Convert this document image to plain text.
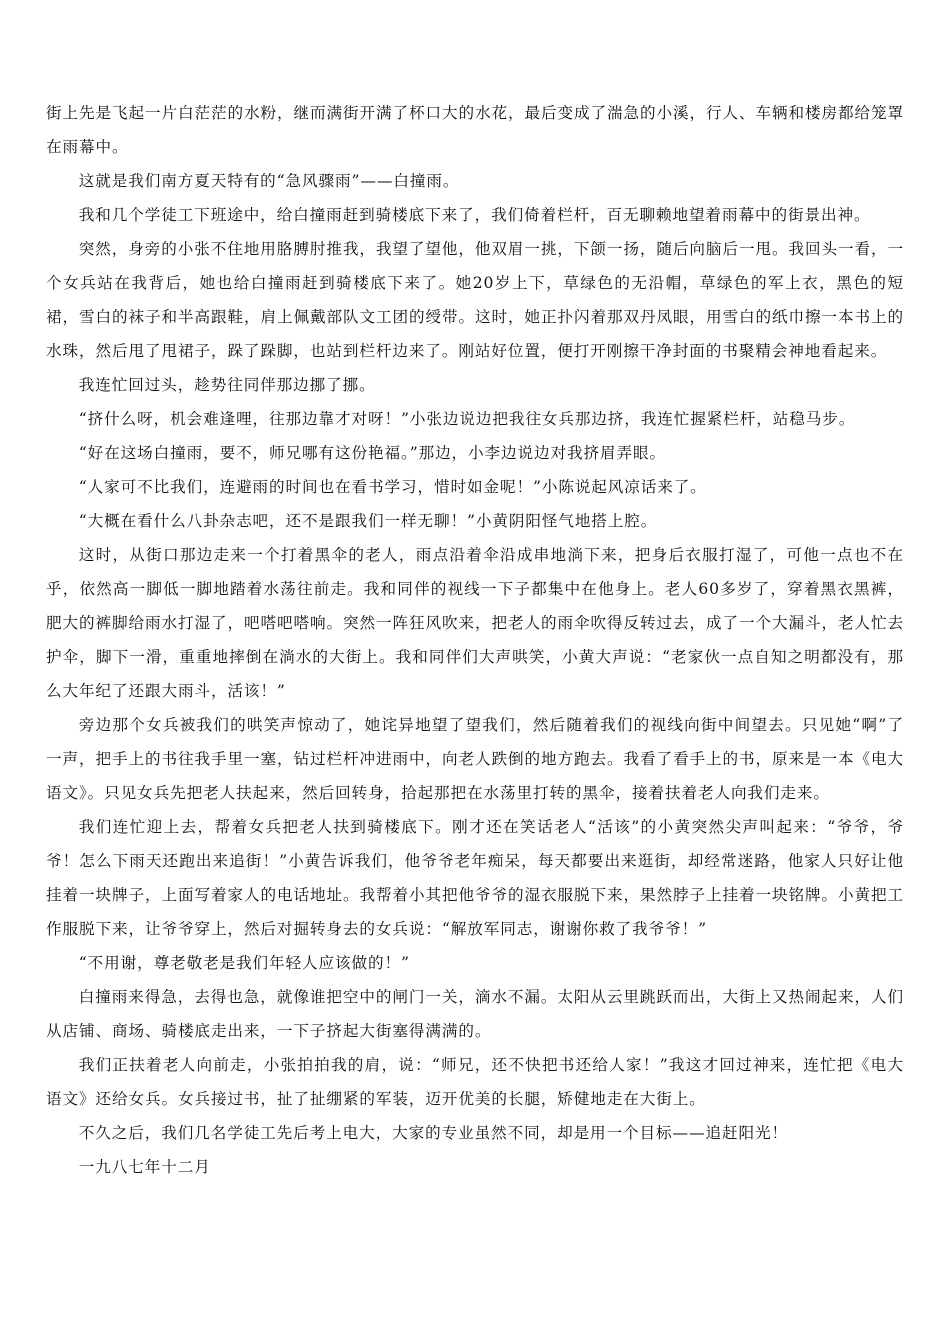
街上先是飞起一片白茫茫的水粉，继而满街开满了杯口大的水花，最后变成了湍急的小溪，行人、车辆和楼房都给笼罩在雨幕中。

这就是我们南方夏天特有的“急风骤雨”——白撞雨。

我和几个学徒工下班途中，给白撞雨赶到骑楼底下来了，我们倚着栏杆，百无聊赖地望着雨幕中的街景出神。

突然，身旁的小张不住地用胳膊肘推我，我望了望他，他双眉一挑，下颌一扬，随后向脑后一甩。我回头一看，一个女兵站在我背后，她也给白撞雨赶到骑楼底下来了。她20岁上下，草绿色的无沿帽，草绿色的军上衣，黑色的短裙，雪白的袜子和半高跟鞋，肩上佩戴部队文工团的绶带。这时，她正扑闪着那双丹凤眼，用雪白的纸巾擦一本书上的水珠，然后甩了甩裙子，跺了跺脚，也站到栏杆边来了。刚站好位置，便打开刚擦干净封面的书聚精会神地看起来。

我连忙回过头，趁势往同伴那边挪了挪。

“挤什么呀，机会难逢哩，往那边靠才对呀！”小张边说边把我往女兵那边挤，我连忙握紧栏杆，站稳马步。

“好在这场白撞雨，要不，师兄哪有这份艳福。”那边，小李边说边对我挤眉弄眼。

“人家可不比我们，连避雨的时间也在看书学习，惜时如金呢！”小陈说起风凉话来了。

“大概在看什么八卦杂志吧，还不是跟我们一样无聊！”小黄阴阳怪气地搭上腔。

这时，从街口那边走来一个打着黑伞的老人，雨点沿着伞沿成串地淌下来，把身后衣服打湿了，可他一点也不在乎，依然高一脚低一脚地踏着水荡往前走。我和同伴的视线一下子都集中在他身上。老人60多岁了，穿着黑衣黑裤，肥大的裤脚给雨水打湿了，吧嗒吧嗒响。突然一阵狂风吹来，把老人的雨伞吹得反转过去，成了一个大漏斗，老人忙去护伞，脚下一滑，重重地摔倒在淌水的大街上。我和同伴们大声哄笑，小黄大声说：“老家伙一点自知之明都没有，那么大年纪了还跟大雨斗，活该！”

旁边那个女兵被我们的哄笑声惊动了，她诧异地望了望我们，然后随着我们的视线向街中间望去。只见她“啊”了一声，把手上的书往我手里一塞，钻过栏杆冲进雨中，向老人跌倒的地方跑去。我看了看手上的书，原来是一本《电大语文》。只见女兵先把老人扶起来，然后回转身，拾起那把在水荡里打转的黑伞，接着扶着老人向我们走来。

我们连忙迎上去，帮着女兵把老人扶到骑楼底下。刚才还在笑话老人“活该”的小黄突然尖声叫起来：“爷爷，爷爷！怎么下雨天还跑出来追街！”小黄告诉我们，他爷爷老年痴呆，每天都要出来逛街，却经常迷路，他家人只好让他挂着一块牌子，上面写着家人的电话地址。我帮着小其把他爷爷的湿衣服脱下来，果然脖子上挂着一块铭牌。小黄把工作服脱下来，让爷爷穿上，然后对掘转身去的女兵说：“解放军同志，谢谢你救了我爷爷！”

“不用谢，尊老敬老是我们年轻人应该做的！”

白撞雨来得急，去得也急，就像谁把空中的闸门一关，滴水不漏。太阳从云里跳跃而出，大街上又热闹起来，人们从店铺、商场、骑楼底走出来，一下子挤起大街塞得满满的。

我们正扶着老人向前走，小张拍拍我的肩，说：“师兄，还不快把书还给人家！”我这才回过神来，连忙把《电大语文》还给女兵。女兵接过书，扯了扯绷紧的军装，迈开优美的长腿，矫健地走在大街上。

不久之后，我们几名学徒工先后考上电大，大家的专业虽然不同，却是用一个目标——追赶阳光！

一九八七年十二月
